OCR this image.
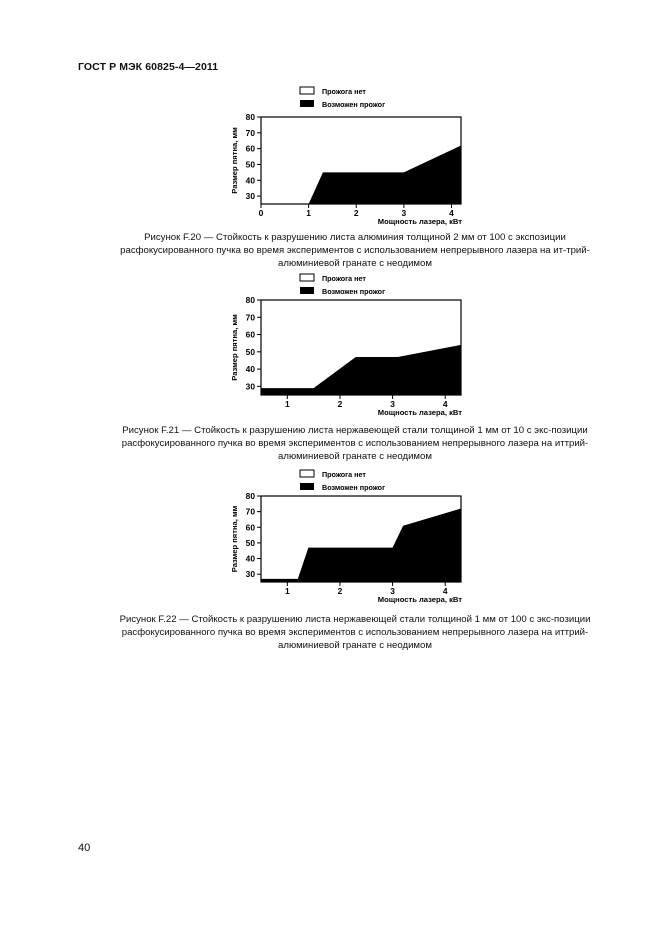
ГОСТ Р МЭК 60825-4—2011
Прожога нет
Возможен прожог
30
40
50
60
70
80
0	1	2	3	4
Мощность лазера, кВт
Размер пятна, мм
Рисунок F.20 — Стойкость к разрушению листа алюминия толщиной 2 мм от 100 с экспозиции расфокусированного пучка во время экспериментов с использованием непрерывного лазера на ит-трий-алюминиевой гранате с неодимом
Прожога нет
Возможен прожог
30
40
50
60
70
80
1	2	3	4
Мощность лазера, кВт
Размер пятна, мм
Рисунок F.21 — Стойкость к разрушению листа нержавеющей стали толщиной 1 мм от 10 с экс-позиции расфокусированного пучка во время экспериментов с использованием непрерывного лазера на иттрий-алюминиевой гранате с неодимом
Прожога нет
Возможен прожог
30
40
50
60
70
80
1	2	3	4
Мощность лазера, кВт
Размер пятна, мм
Рисунок F.22 — Стойкость к разрушению листа нержавеющей стали толщиной 1 мм от 100 с экс-позиции расфокусированного пучка во время экспериментов с использованием непрерывного лазера на иттрий-алюминиевой гранате с неодимом
40
